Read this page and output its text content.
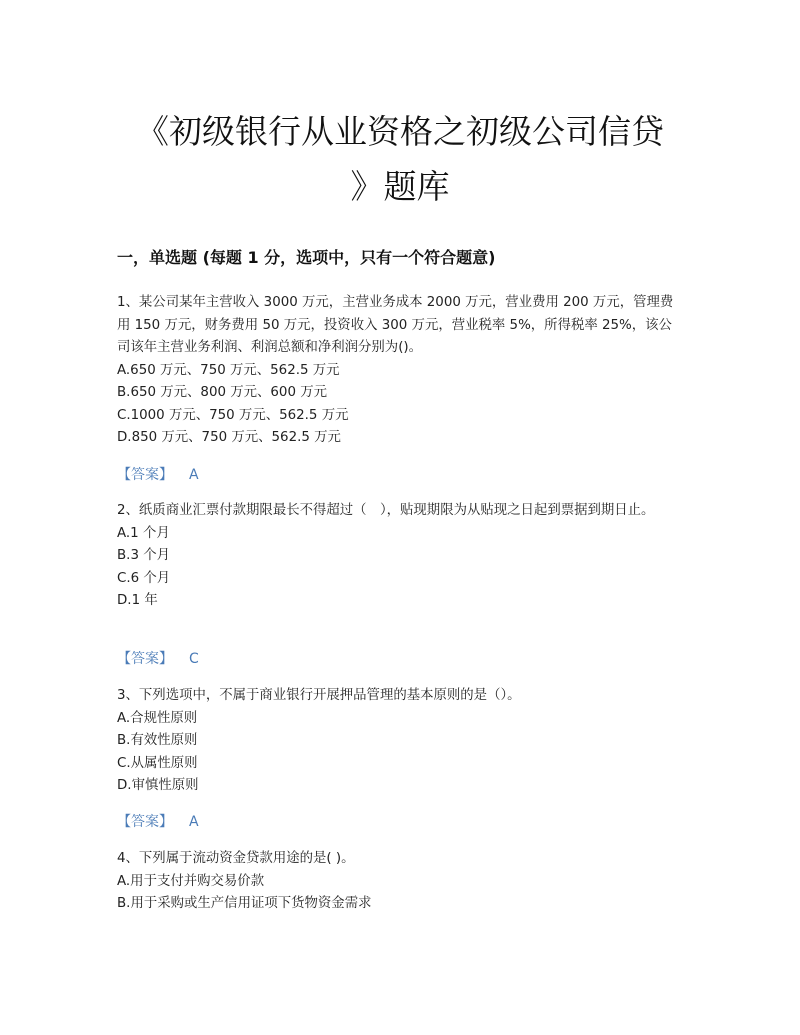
《初级银行从业资格之初级公司信贷
》题库
一，单选题 (每题 1 分，选项中，只有一个符合题意)

1、某公司某年主营收入 3000 万元，主营业务成本 2000 万元，营业费用 200 万元，管理费用 150 万元，财务费用 50 万元，投资收入 300 万元，营业税率 5%，所得税率 25%，该公司该年主营业务利润、利润总额和净利润分别为()。

A.650 万元、750 万元、562.5 万元

B.650 万元、800 万元、600 万元

C.1000 万元、750 万元、562.5 万元

D.850 万元、750 万元、562.5 万元

【答案】 A

2、纸质商业汇票付款期限最长不得超过（　），贴现期限为从贴现之日起到票据到期日止。

A.1 个月

B.3 个月

C.6 个月

D.1 年

【答案】 C

3、下列选项中，不属于商业银行开展押品管理的基本原则的是（）。

A.合规性原则

B.有效性原则

C.从属性原则

D.审慎性原则

【答案】 A

4、下列属于流动资金贷款用途的是( )。

A.用于支付并购交易价款

B.用于采购或生产信用证项下货物资金需求
